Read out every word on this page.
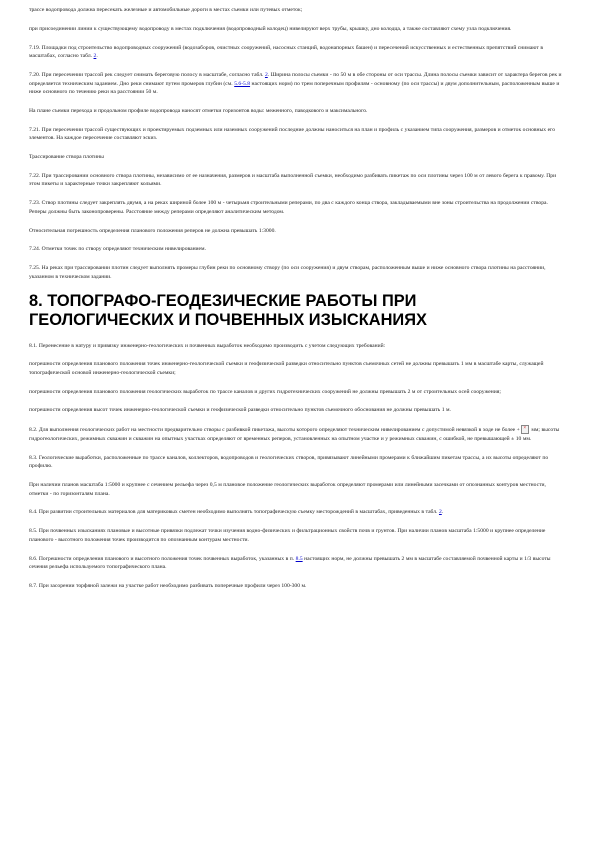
трассе водопровода должна пересекать железные и автомобильные дороги в местах съемки или путевых отметок;

при присоединении линии к существующему водопроводу в местах подключения (водопроводный колодец) нивелируют верх трубы, крышку, дно колодца, а также составляют схему узла подключения.

7.19. Площадки под строительство водопроводных сооружений (водозаборов, очистных сооружений, насосных станций, водонапорных башен) и пересечений искусственных и естественных препятствий снимают в масштабах, согласно табл. 2.

7.20. При пересечении трассой рек следует снимать береговую полосу в масштабе, согласно табл. 2. Ширина полосы съемки - по 50 м в обе стороны от оси трассы. Длина полосы съемки зависит от характера берегов рек и определяется техническим заданием. Дно реки снимают путем промеров глубин (см. 5.6-5.8 настоящих норм) по трем поперечным профилям - основному (по оси трассы) и двум дополнительным, расположенным выше и ниже основного по течению реки на расстоянии 50 м.

На плане съемки перехода и продольном профиле водопровода наносят отметки горизонтов воды: меженного, паводкового и максимального.

7.21. При пересечении трассой существующих и проектируемых подземных или наземных сооружений последние должны наноситься на план и профиль с указанием типа сооружения, размеров и отметок основных его элементов. На каждое пересечение составляют эскиз.

Трассирование створа плотины

7.22. При трассировании основного створа плотины, независимо от ее назначения, размеров и масштаба выполненной съемки, необходимо разбивать пикетаж по оси плотины через 100 м от левого берега к правому. При этом пикеты и характерные точки закрепляют кольями.

7.23. Створ плотины следует закреплять двумя, а на реках шириной более 100 м - четырьмя строительными реперами, по два с каждого конца створа, закладываемыми вне зоны строительства на продолжении створа. Реперы должны быть законопроверены. Расстояние между реперами определяют аналитическим методом.

Относительная погрешность определения планового положения реперов не должна превышать 1:3000.

7.24. Отметки точек по створу определяют техническим нивелированием.

7.25. На реках при трассировании плотин следует выполнять промеры глубин реки по основному створу (по оси сооружения) и двум створам, расположенным выше и ниже основного створа плотины на расстоянии, указанном в техническом задании.

8. ТОПОГРАФО-ГЕОДЕЗИЧЕСКИЕ РАБОТЫ ПРИ ГЕОЛОГИЧЕСКИХ И ПОЧВЕННЫХ ИЗЫСКАНИЯХ

8.1. Перенесение в натуру и привязку инженерно-геологических и почвенных выработок необходимо производить с учетом следующих требований:

погрешности определения планового положения точек инженерно-геологической съемки и геофизической разведки относительно пунктов съемочных сетей не должны превышать 1 мм в масштабе карты, служащей топографической основой инженерно-геологической съемки;

погрешности определения планового положения геологических выработок по трассе каналов и других гидротехнических сооружений не должны превышать 2 м от строительных осей сооружения;

погрешности определения высот точек инженерно-геологической съемки и геофизической разведки относительно пунктов съемочного обоснования не должны превышать 1 м.

8.2. Для выполнения геологических работ на местности предварительно створы с разбивкой пикетажа, высоты которого определяют техническим нивелированием с допустимой невязкой в ходе не более + × мм; высоты гидрогеологических, режимных скважин и скважин на опытных участках определяют от временных реперов, установленных на опытном участке и у режимных скважин, с ошибкой, не превышающей ± 10 мм.

8.3. Геологические выработки, расположенные по трассе каналов, коллекторов, водопроводов и геологических створов, привязывают линейными промерами к ближайшим пикетам трассы, а их высоты определяют по профилю.

При наличии планов масштаба 1:5000 и крупнее с сечением рельефа через 0,5 м плановое положение геологических выработок определяют промерами или линейными засечками от опознанных контуров местности, отметки - по горизонталям плана.

8.4. При развитии строительных материалов для материковых сметен необходимо выполнять топографическую съемку месторождений в масштабах, приведенных в табл. 2.

8.5. При почвенных изысканиях плановые и высотные привязки подлежат точки изучения водно-физических и фильтрационных свойств почв и грунтов. При наличии планов масштаба 1:5000 и крупнее определение планового - высотного положения точек производится по опознанным контурам местности.

8.6. Погрешности определения планового и высотного положения точек почвенных выработок, указанных в п. 8.5 настоящих норм, не должны превышать 2 мм в масштабе составляемой почвенной карты и 1/3 высоты сечения рельефа используемого топографического плана.

8.7. При засорении торфяной залежи на участке работ необходимо разбивать поперечные профили через 100-300 м.
